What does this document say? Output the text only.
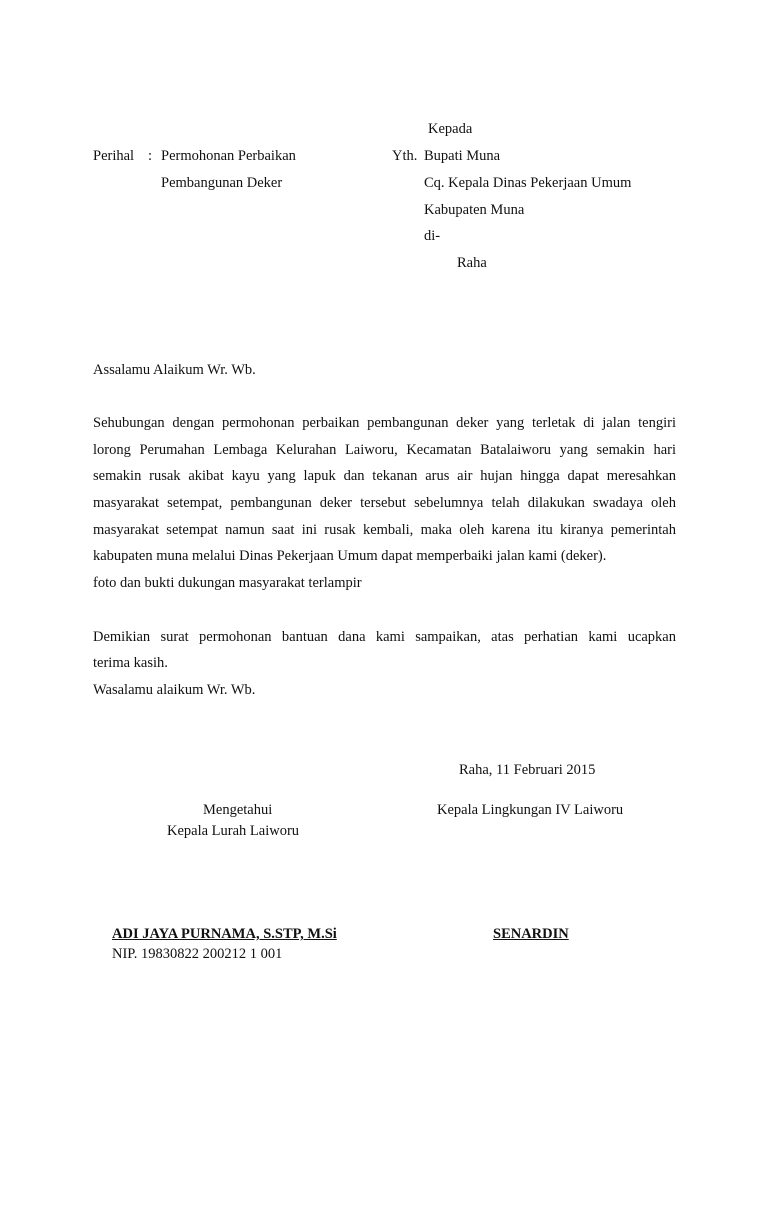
Kepada
Perihal : Permohonan Perbaikan
Pembangunan Deker
Yth. Bupati Muna
Cq. Kepala Dinas Pekerjaan Umum
Kabupaten Muna
di-
Raha
Assalamu Alaikum Wr. Wb.
Sehubungan dengan permohonan perbaikan pembangunan deker yang terletak di jalan tengiri
lorong Perumahan Lembaga Kelurahan Laiworu, Kecamatan Batalaiworu yang semakin hari
semakin rusak akibat kayu yang lapuk dan tekanan arus air hujan hingga dapat meresahkan
masyarakat setempat, pembangunan deker tersebut sebelumnya telah dilakukan swadaya oleh
masyarakat setempat namun saat ini rusak kembali, maka oleh karena itu kiranya pemerintah
kabupaten muna melalui Dinas Pekerjaan Umum dapat memperbaiki jalan kami (deker).
foto dan bukti dukungan masyarakat terlampir
Demikian surat permohonan bantuan dana kami sampaikan, atas perhatian kami ucapkan
terima kasih.
Wasalamu alaikum Wr. Wb.
Raha, 11 Februari 2015
Mengetahui
Kepala Lurah Laiworu
Kepala Lingkungan IV Laiworu
ADI JAYA PURNAMA, S.STP, M.Si
NIP. 19830822 200212 1 001
SENARDIN
